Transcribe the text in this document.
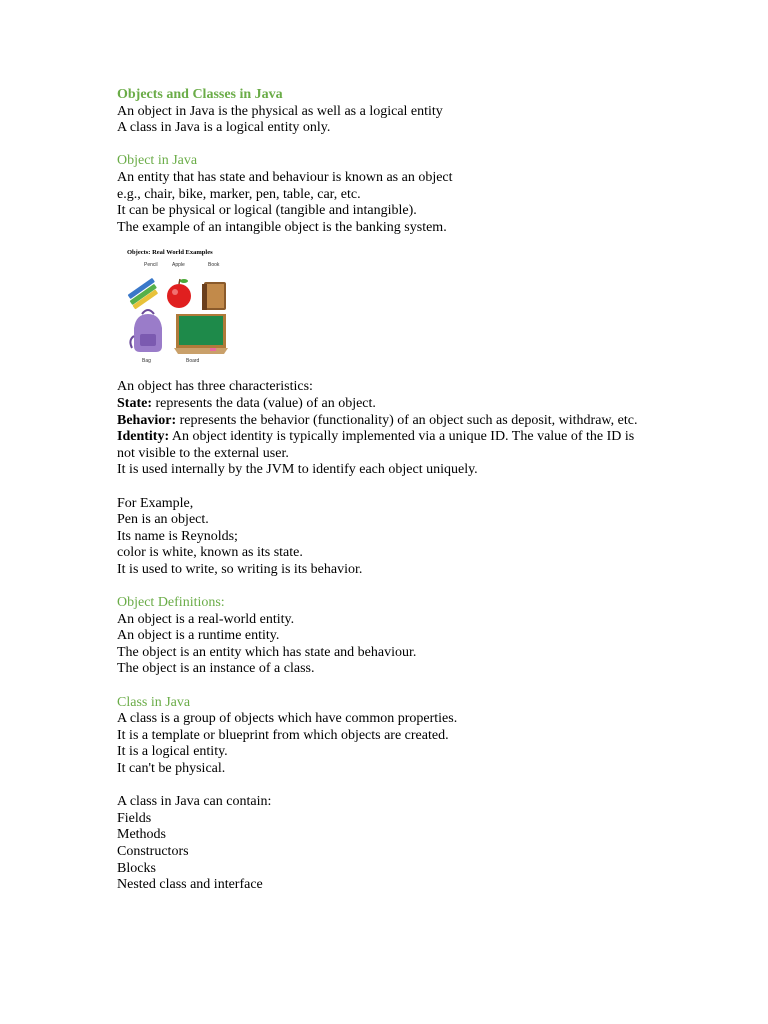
Objects and Classes in Java
An object in Java is the physical as well as a logical entity
A class in Java is a logical entity only.
Object in Java
An entity that has state and behaviour is known as an object
e.g., chair, bike, marker, pen, table, car, etc.
It can be physical or logical (tangible and intangible).
The example of an intangible object is the banking system.
Objects: Real World Examples
Pencil	Apple	Book
Bag	Board
An object has three characteristics:
State: represents the data (value) of an object.
Behavior: represents the behavior (functionality) of an object such as deposit, withdraw, etc.
Identity: An object identity is typically implemented via a unique ID. The value of the ID is not visible to the external user.
It is used internally by the JVM to identify each object uniquely.
For Example,
Pen is an object.
Its name is Reynolds;
color is white, known as its state.
It is used to write, so writing is its behavior.
Object Definitions:
An object is a real-world entity.
An object is a runtime entity.
The object is an entity which has state and behaviour.
The object is an instance of a class.
Class in Java
A class is a group of objects which have common properties.
It is a template or blueprint from which objects are created.
It is a logical entity.
It can't be physical.
A class in Java can contain:
Fields
Methods
Constructors
Blocks
Nested class and interface
